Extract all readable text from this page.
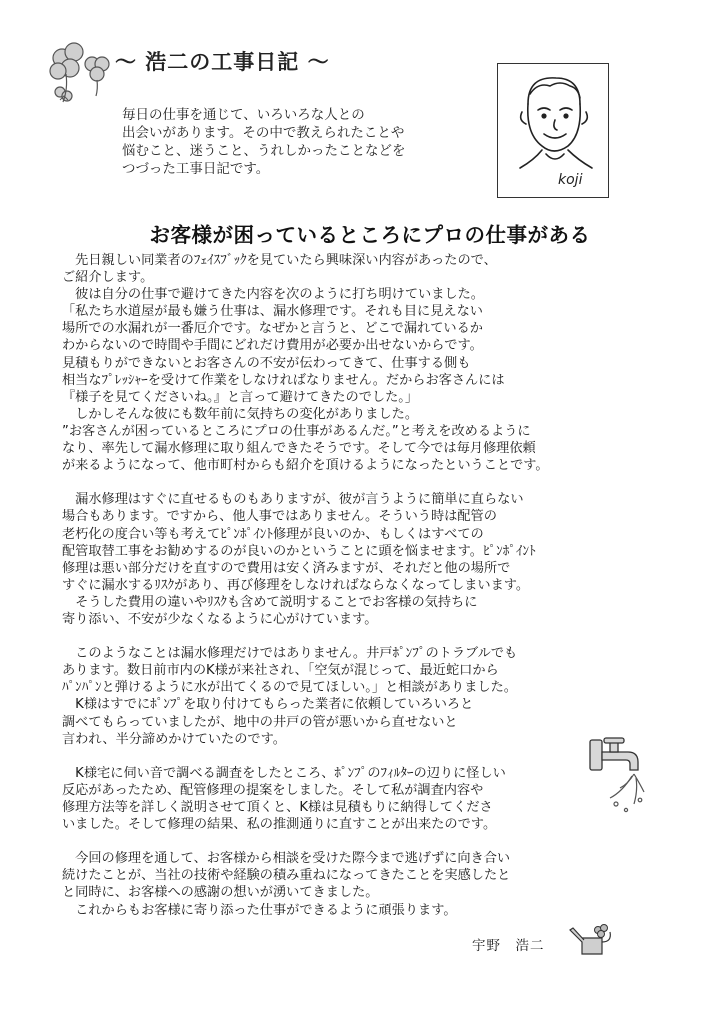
～ 浩二の工事日記 ～
毎日の仕事を通じて、いろいろな人との
出会いがあります。その中で教えられたことや
悩むこと、迷うこと、うれしかったことなどを
つづった工事日記です。
koji
お客様が困っているところにプロの仕事がある
　先日親しい同業者のﾌｪｲｽﾌﾞｯｸを見ていたら興味深い内容があったので、
ご紹介します。
　彼は自分の仕事で避けてきた内容を次のように打ち明けていました。
「私たち水道屋が最も嫌う仕事は、漏水修理です。それも目に見えない
場所での水漏れが一番厄介です。なぜかと言うと、どこで漏れているか
わからないので時間や手間にどれだけ費用が必要か出せないからです。
見積もりができないとお客さんの不安が伝わってきて、仕事する側も
相当なﾌﾟﾚｯｼｬｰを受けて作業をしなければなりません。だからお客さんには
『様子を見てくださいね。』と言って避けてきたのでした。」
　しかしそんな彼にも数年前に気持ちの変化がありました。
”お客さんが困っているところにプロの仕事があるんだ。”と考えを改めるように
なり、率先して漏水修理に取り組んできたそうです。そして今では毎月修理依頼
が来るようになって、他市町村からも紹介を頂けるようになったということです。
　漏水修理はすぐに直せるものもありますが、彼が言うように簡単に直らない
場合もあります。ですから、他人事ではありません。そういう時は配管の
老朽化の度合い等も考えてﾋﾟﾝﾎﾟｲﾝﾄ修理が良いのか、もしくはすべての
配管取替工事をお勧めするのが良いのかということに頭を悩ませます。ﾋﾟﾝﾎﾟｲﾝﾄ
修理は悪い部分だけを直すので費用は安く済みますが、それだと他の場所で
すぐに漏水するﾘｽｸがあり、再び修理をしなければならなくなってしまいます。
　そうした費用の違いやﾘｽｸも含めて説明することでお客様の気持ちに
寄り添い、不安が少なくなるように心がけています。
　このようなことは漏水修理だけではありません。井戸ﾎﾟﾝﾌﾟのトラブルでも
あります。数日前市内のK様が来社され、「空気が混じって、最近蛇口から
ﾊﾟﾝﾊﾟﾝと弾けるように水が出てくるので見てほしい。」と相談がありました。
　K様はすでにﾎﾟﾝﾌﾟを取り付けてもらった業者に依頼していろいろと
調べてもらっていましたが、地中の井戸の管が悪いから直せないと
言われ、半分諦めかけていたのです。
　K様宅に伺い音で調べる調査をしたところ、ﾎﾟﾝﾌﾟのﾌｨﾙﾀｰの辺りに怪しい
反応があったため、配管修理の提案をしました。そして私が調査内容や
修理方法等を詳しく説明させて頂くと、K様は見積もりに納得してくださ
いました。そして修理の結果、私の推測通りに直すことが出来たのです。
　今回の修理を通して、お客様から相談を受けた際今まで逃げずに向き合い
続けたことが、当社の技術や経験の積み重ねになってきたことを実感したと
と同時に、お客様への感謝の想いが湧いてきました。
　これからもお客様に寄り添った仕事ができるように頑張ります。
宇野　浩二
